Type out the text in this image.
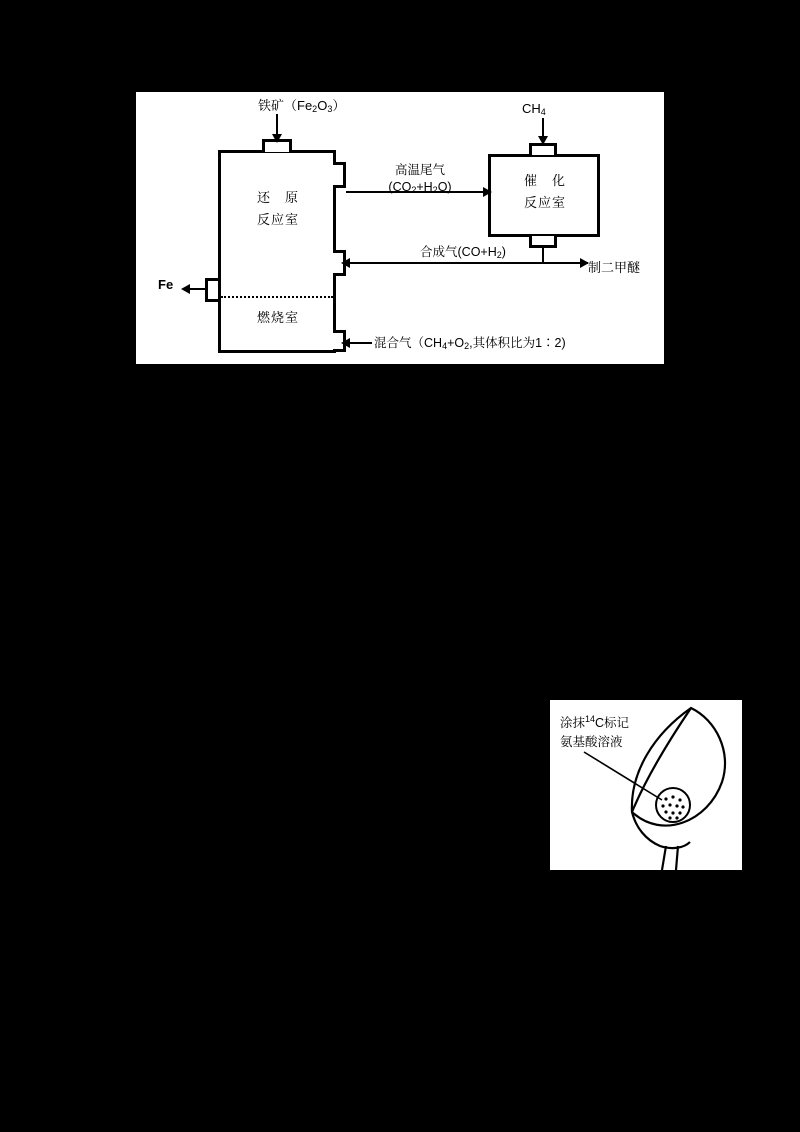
还　原
反应室
催　化
反应室
燃烧室
铁矿$(Fe_2O_3)$	$CH_4$
高温尾气
$(CO_2+H_2O)$
合成气$(CO+H_2)$
制二甲醚
Fe
混合气（$CH_4+O_2$,其体积比为1∶2)
涂抹$^{14}$C标记
氨基酸溶液
